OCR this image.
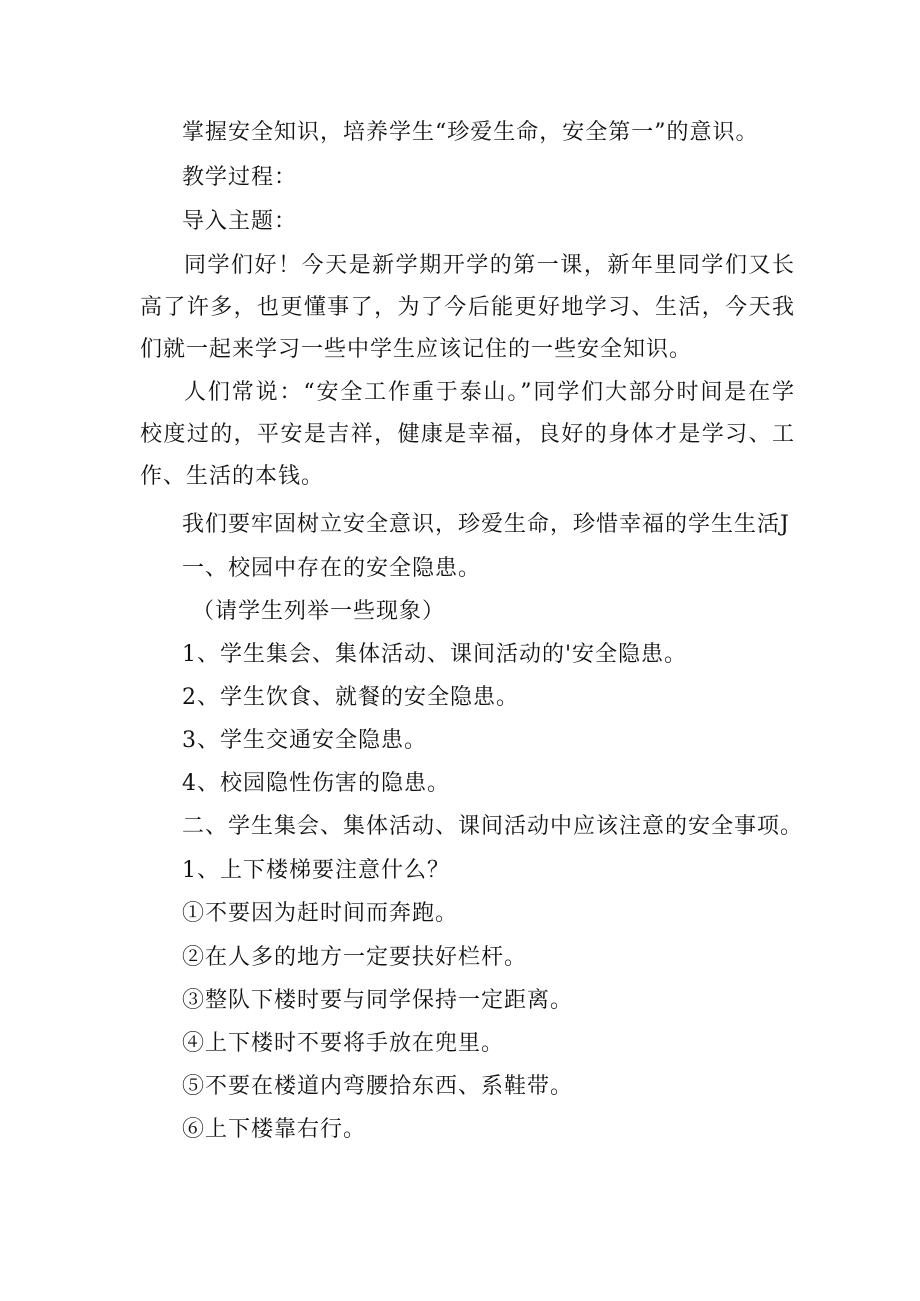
掌握安全知识，培养学生“珍爱生命，安全第一”的意识。
教学过程：
导入主题：
同学们好！今天是新学期开学的第一课，新年里同学们又长高了许多，也更懂事了，为了今后能更好地学习、生活，今天我们就一起来学习一些中学生应该记住的一些安全知识。
人们常说：“安全工作重于泰山。”同学们大部分时间是在学校度过的，平安是吉祥，健康是幸福，良好的身体才是学习、工作、生活的本钱。
我们要牢固树立安全意识，珍爱生命，珍惜幸福的学生生活J
一、校园中存在的安全隐患。
（请学生列举一些现象）
1、学生集会、集体活动、课间活动的'安全隐患。
2、学生饮食、就餐的安全隐患。
3、学生交通安全隐患。
4、校园隐性伤害的隐患。
二、学生集会、集体活动、课间活动中应该注意的安全事项。
1、上下楼梯要注意什么？
①不要因为赶时间而奔跑。
②在人多的地方一定要扶好栏杆。
③整队下楼时要与同学保持一定距离。
④上下楼时不要将手放在兜里。
⑤不要在楼道内弯腰拾东西、系鞋带。
⑥上下楼靠右行。
